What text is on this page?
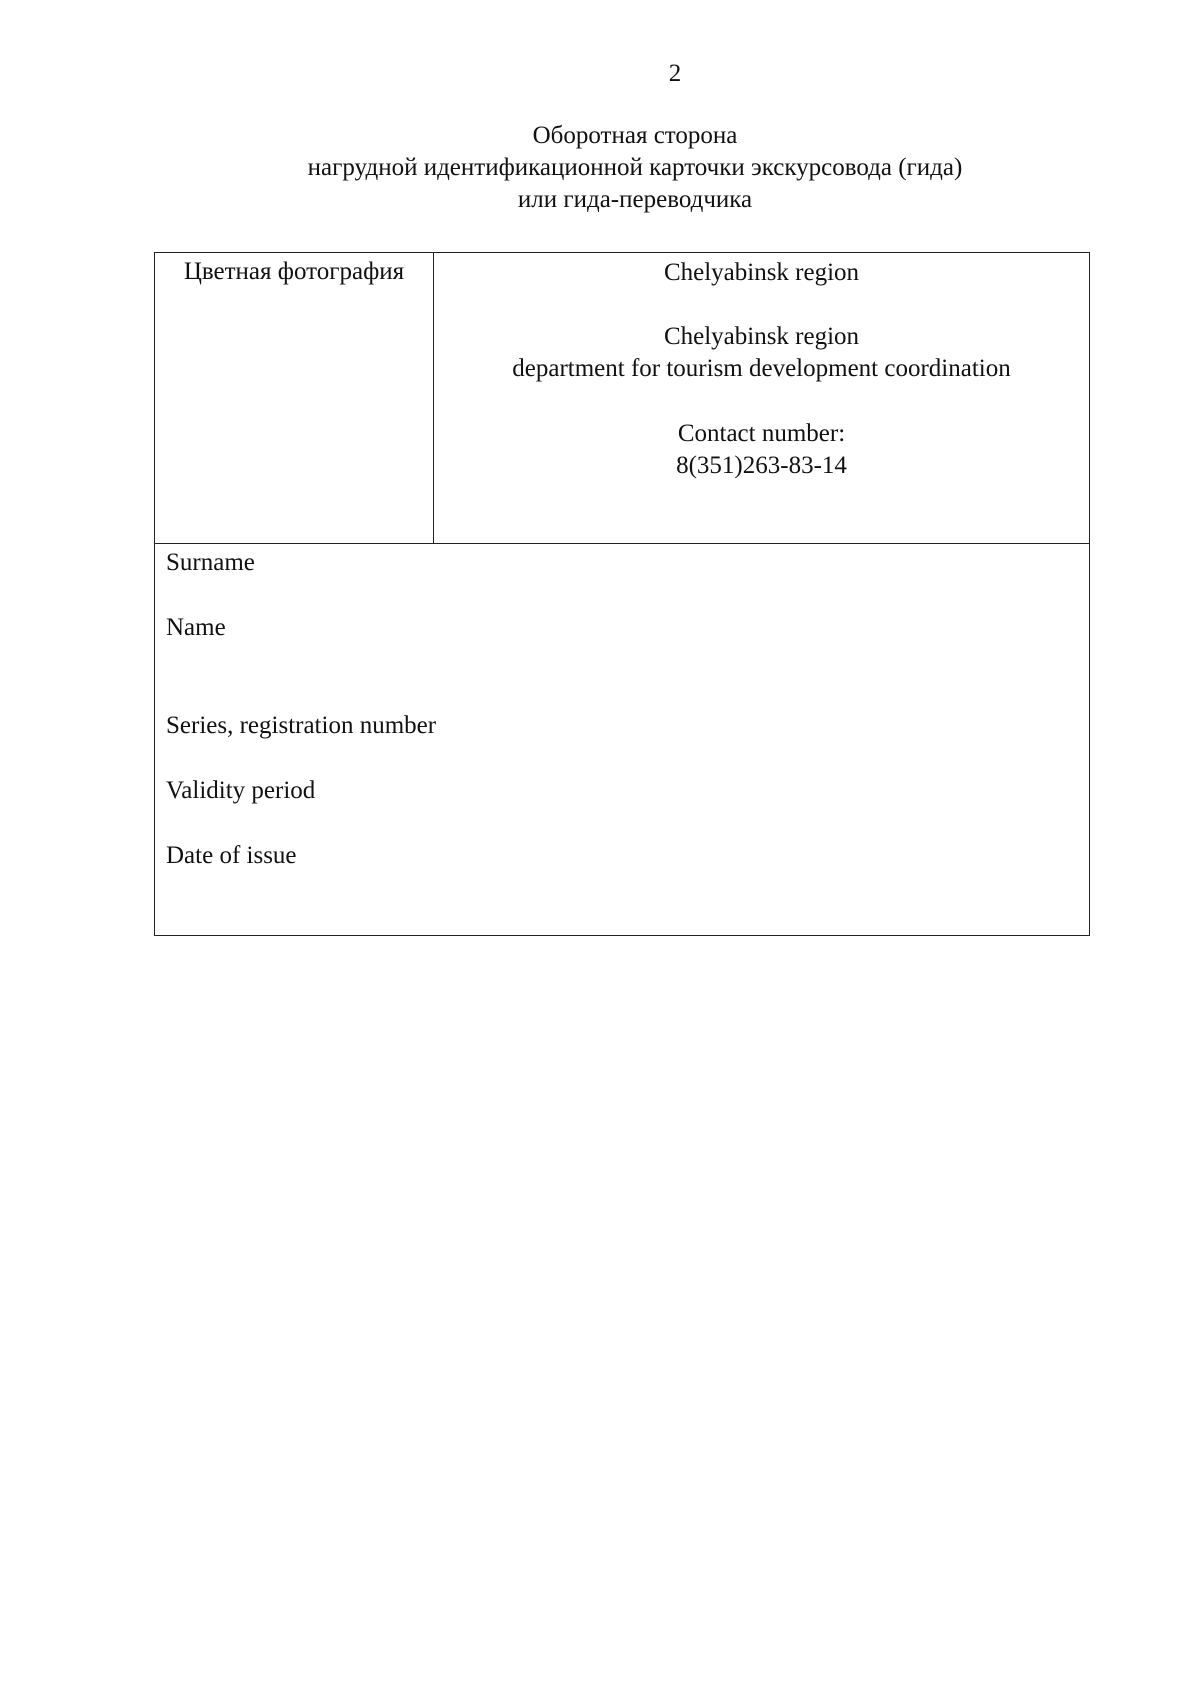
2
Оборотная сторона
нагрудной идентификационной карточки экскурсовода (гида)
или гида-переводчика
Цветная фотография	Chelyabinsk region
Chelyabinsk region
department for tourism development coordination
Contact number:
8(351)263-83-14
Surname
Name
Series, registration number
Validity period
Date of issue
